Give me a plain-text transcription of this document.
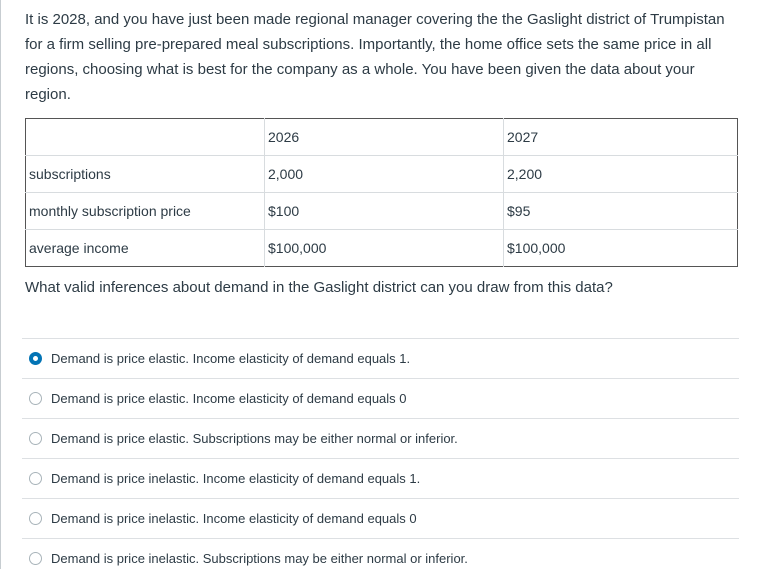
It is 2028, and you have just been made regional manager covering the the Gaslight district of Trumpistan for a firm selling pre-prepared meal subscriptions. Importantly, the home office sets the same price in all regions, choosing what is best for the company as a whole. You have been given the data about your region.

	2026	2027
subscriptions	2,000	2,200
monthly subscription price	$100	$95
average income	$100,000	$100,000

What valid inferences about demand in the Gaslight district can you draw from this data?

Demand is price elastic. Income elasticity of demand equals 1.
Demand is price elastic. Income elasticity of demand equals 0
Demand is price elastic. Subscriptions may be either normal or inferior.
Demand is price inelastic. Income elasticity of demand equals 1.
Demand is price inelastic. Income elasticity of demand equals 0
Demand is price inelastic. Subscriptions may be either normal or inferior.
